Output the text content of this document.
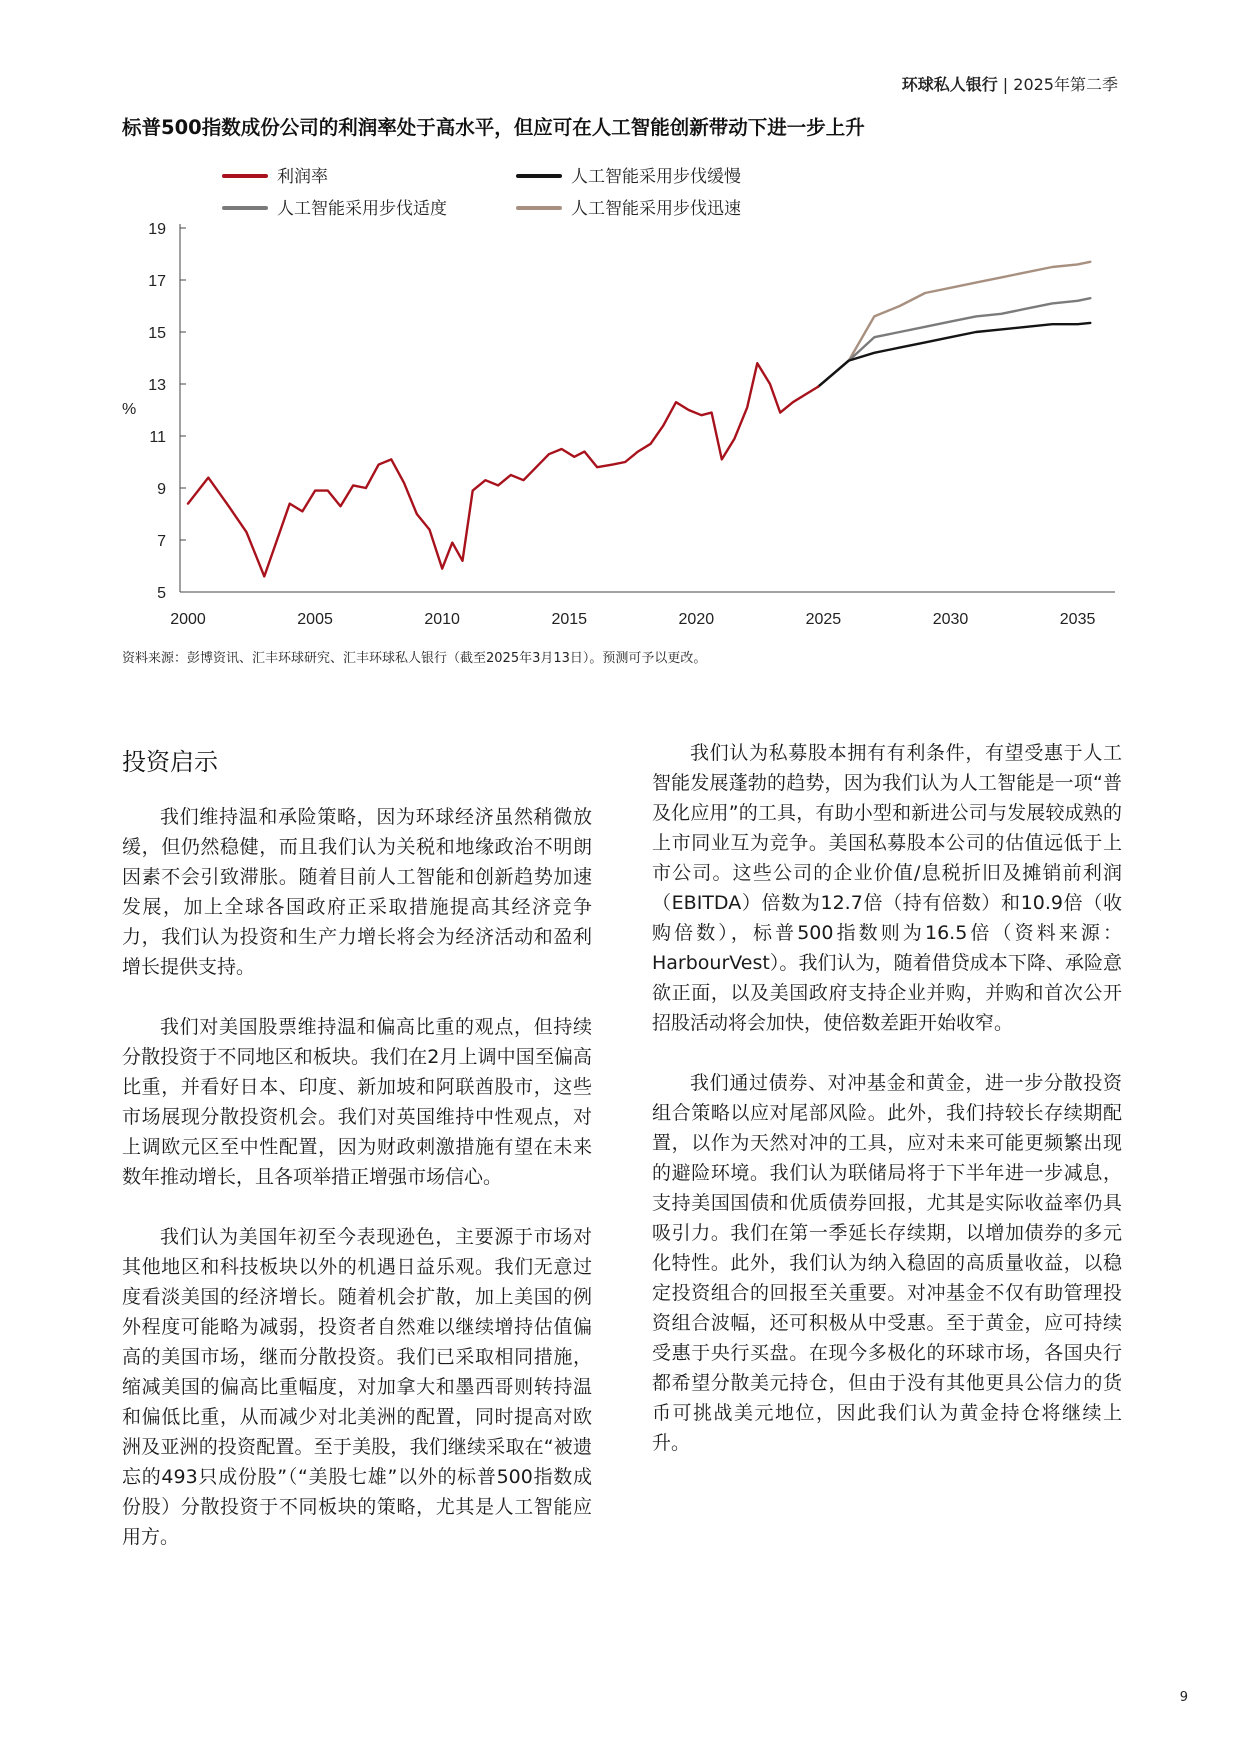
环球私人银行 | 2025年第二季
标普500指数成份公司的利润率处于高水平，但应可在人工智能创新带动下进一步上升
利润率	人工智能采用步伐缓慢
人工智能采用步伐适度	人工智能采用步伐迅速
5
7
9
11
13
15
17
19
2000	2005	2010	2015	2020	2025	2030	2035
%
资料来源：彭博资讯、汇丰环球研究、汇丰环球私人银行（截至2025年3月13日）。预测可予以更改。
投资启示

我们维持温和承险策略，因为环球经济虽然稍微放缓，但仍然稳健，而且我们认为关税和地缘政治不明朗因素不会引致滞胀。随着目前人工智能和创新趋势加速发展，加上全球各国政府正采取措施提高其经济竞争力，我们认为投资和生产力增长将会为经济活动和盈利增长提供支持。

我们对美国股票维持温和偏高比重的观点，但持续分散投资于不同地区和板块。我们在2月上调中国至偏高比重，并看好日本、印度、新加坡和阿联酋股市，这些市场展现分散投资机会。我们对英国维持中性观点，对上调欧元区至中性配置，因为财政刺激措施有望在未来数年推动增长，且各项举措正增强市场信心。

我们认为美国年初至今表现逊色，主要源于市场对其他地区和科技板块以外的机遇日益乐观。我们无意过度看淡美国的经济增长。随着机会扩散，加上美国的例外程度可能略为减弱，投资者自然难以继续增持估值偏高的美国市场，继而分散投资。我们已采取相同措施，缩减美国的偏高比重幅度，对加拿大和墨西哥则转持温和偏低比重，从而减少对北美洲的配置，同时提高对欧洲及亚洲的投资配置。至于美股，我们继续采取在“被遗忘的493只成份股”（“美股七雄”以外的标普500指数成份股）分散投资于不同板块的策略，尤其是人工智能应用方。

我们认为私募股本拥有有利条件，有望受惠于人工智能发展蓬勃的趋势，因为我们认为人工智能是一项“普及化应用”的工具，有助小型和新进公司与发展较成熟的上市同业互为竞争。美国私募股本公司的估值远低于上市公司。这些公司的企业价值/息税折旧及摊销前利润（EBITDA）倍数为12.7倍（持有倍数）和10.9倍（收购倍数），标普500指数则为16.5倍（资料来源：HarbourVest）。我们认为，随着借贷成本下降、承险意欲正面，以及美国政府支持企业并购，并购和首次公开招股活动将会加快，使倍数差距开始收窄。

我们通过债券、对冲基金和黄金，进一步分散投资组合策略以应对尾部风险。此外，我们持较长存续期配置，以作为天然对冲的工具，应对未来可能更频繁出现的避险环境。我们认为联储局将于下半年进一步减息，支持美国国债和优质债券回报，尤其是实际收益率仍具吸引力。我们在第一季延长存续期，以增加债券的多元化特性。此外，我们认为纳入稳固的高质量收益，以稳定投资组合的回报至关重要。对冲基金不仅有助管理投资组合波幅，还可积极从中受惠。至于黄金，应可持续受惠于央行买盘。在现今多极化的环球市场，各国央行都希望分散美元持仓，但由于没有其他更具公信力的货币可挑战美元地位，因此我们认为黄金持仓将继续上升。

9
